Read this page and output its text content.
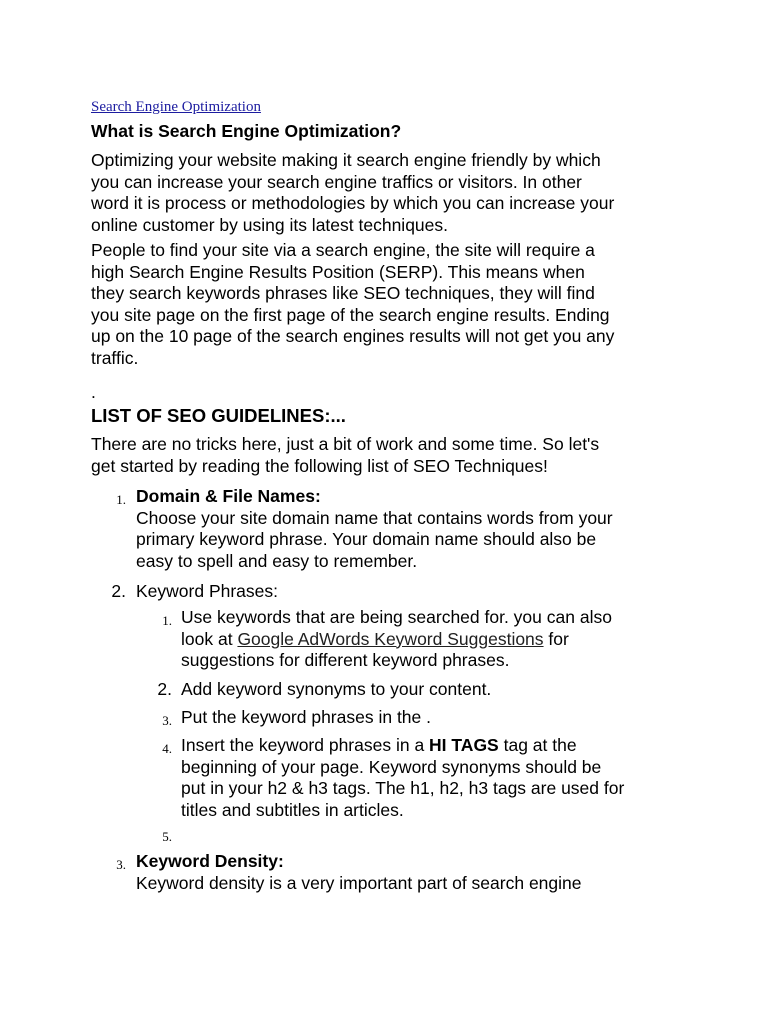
Search Engine Optimization
What is Search Engine Optimization?
Optimizing your website making it search engine friendly by which
you can increase your search engine traffics or visitors. In other
word it is process or methodologies by which you can increase your
online customer by using its latest techniques.
People to find your site via a search engine, the site will require a
high Search Engine Results Position (SERP). This means when
they search keywords phrases like SEO techniques, they will find
you site page on the first page of the search engine results. Ending
up on the 10 page of the search engines results will not get you any
traffic.
.
LIST OF SEO GUIDELINES:...
There are no tricks here, just a bit of work and some time. So let's
get started by reading the following list of SEO Techniques!
1. Domain & File Names:
Choose your site domain name that contains words from your
primary keyword phrase. Your domain name should also be
easy to spell and easy to remember.
2. Keyword Phrases:
1. Use keywords that are being searched for. you can also
look at Google AdWords Keyword Suggestions for
suggestions for different keyword phrases.
2. Add keyword synonyms to your content.
3. Put the keyword phrases in the .
4. Insert the keyword phrases in a HI TAGS tag at the
beginning of your page. Keyword synonyms should be
put in your h2 & h3 tags. The h1, h2, h3 tags are used for
titles and subtitles in articles.
5.
3. Keyword Density:
Keyword density is a very important part of search engine
